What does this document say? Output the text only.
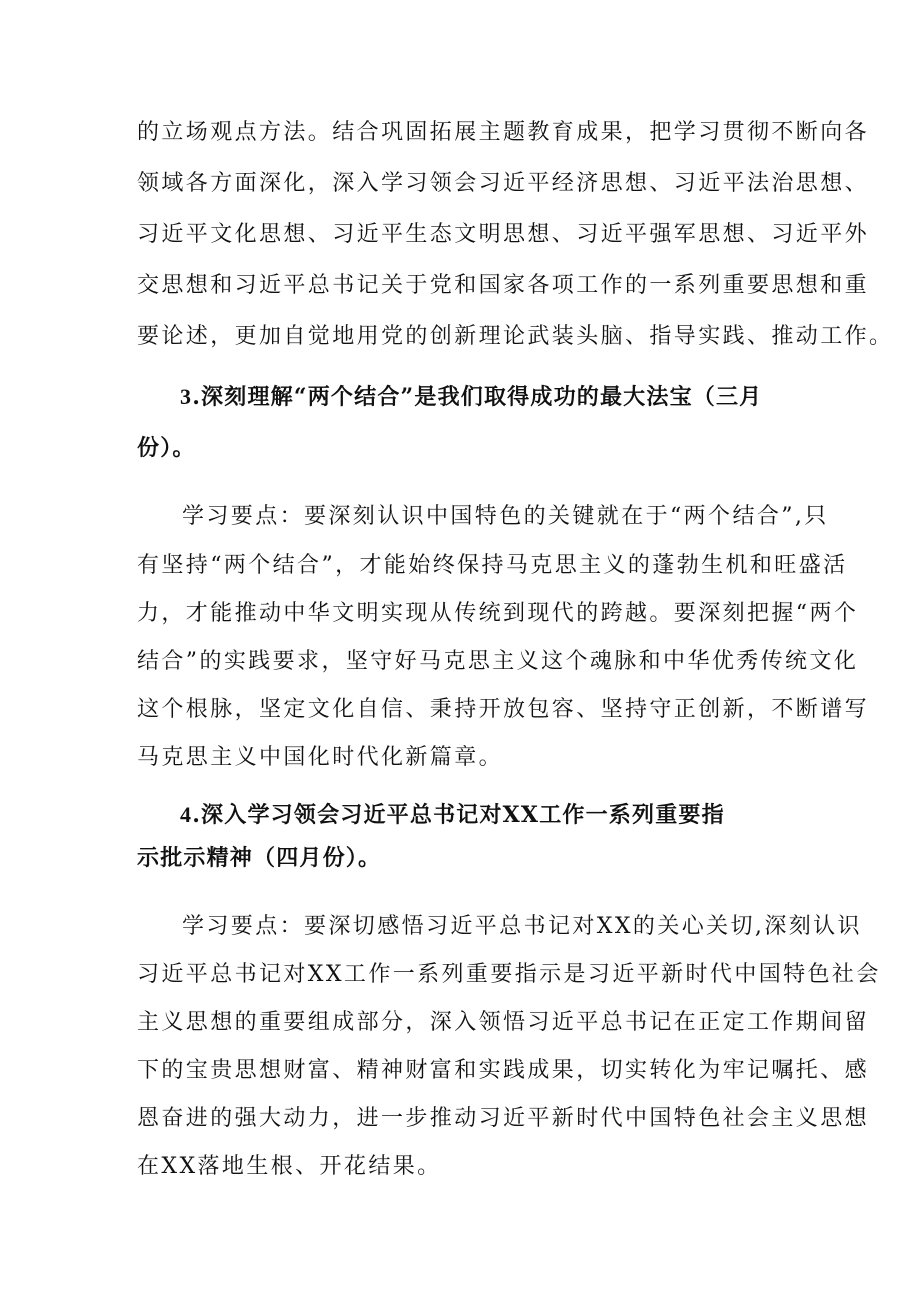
的立场观点方法。结合巩固拓展主题教育成果，把学习贯彻不断向各
领域各方面深化，深入学习领会习近平经济思想、习近平法治思想、
习近平文化思想、习近平生态文明思想、习近平强军思想、习近平外
交思想和习近平总书记关于党和国家各项工作的一系列重要思想和重
要论述，更加自觉地用党的创新理论武装头脑、指导实践、推动工作。
3.深刻理解“两个结合”是我们取得成功的最大法宝（三月
份）。
学习要点：要深刻认识中国特色的关键就在于“两个结合”,只
有坚持“两个结合”，才能始终保持马克思主义的蓬勃生机和旺盛活
力，才能推动中华文明实现从传统到现代的跨越。要深刻把握“两个
结合”的实践要求，坚守好马克思主义这个魂脉和中华优秀传统文化
这个根脉，坚定文化自信、秉持开放包容、坚持守正创新，不断谱写
马克思主义中国化时代化新篇章。
4.深入学习领会习近平总书记对XX工作一系列重要指
示批示精神（四月份）。
学习要点：要深切感悟习近平总书记对XX的关心关切,深刻认识
习近平总书记对XX工作一系列重要指示是习近平新时代中国特色社会
主义思想的重要组成部分，深入领悟习近平总书记在正定工作期间留
下的宝贵思想财富、精神财富和实践成果，切实转化为牢记嘱托、感
恩奋进的强大动力，进一步推动习近平新时代中国特色社会主义思想
在XX落地生根、开花结果。
